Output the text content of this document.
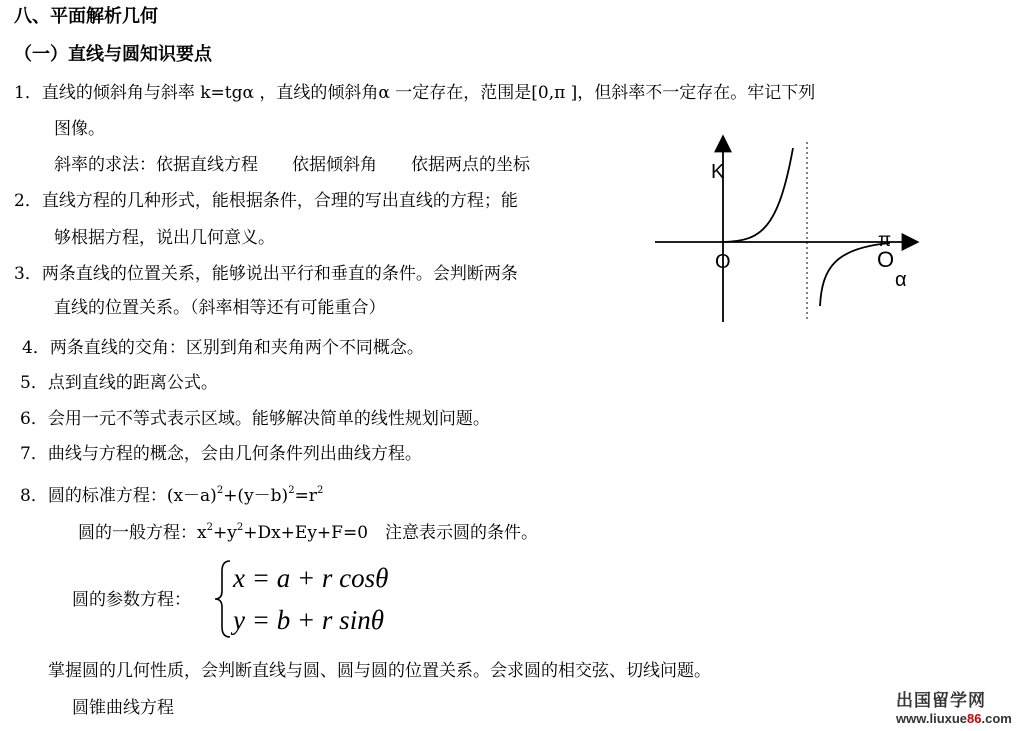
八、平面解析几何
（一）直线与圆知识要点
1．直线的倾斜角与斜率 k=tgα ，直线的倾斜角α 一定存在，范围是[0,π ]，但斜率不一定存在。牢记下列
图像。
斜率的求法：依据直线方程　　依据倾斜角　　依据两点的坐标
2．直线方程的几种形式，能根据条件，合理的写出直线的方程；能
够根据方程，说出几何意义。
3．两条直线的位置关系，能够说出平行和垂直的条件。会判断两条
直线的位置关系。（斜率相等还有可能重合）
4．两条直线的交角：区别到角和夹角两个不同概念。
5．点到直线的距离公式。
6．会用一元不等式表示区域。能够解决简单的线性规划问题。
7．曲线与方程的概念，会由几何条件列出曲线方程。
8．圆的标准方程：$(x-a)^2+(y-b)^2=r^2$
圆的一般方程：$x^2+y^2+Dx+Ey+F=0$　注意表示圆的条件。
圆的参数方程：
x = a + r cosθ
y = b + r sinθ
掌握圆的几何性质，会判断直线与圆、圆与圆的位置关系。会求圆的相交弦、切线问题。
圆锥曲线方程
K
O
π
O
α
出国留学网
www.liuxue86.com
